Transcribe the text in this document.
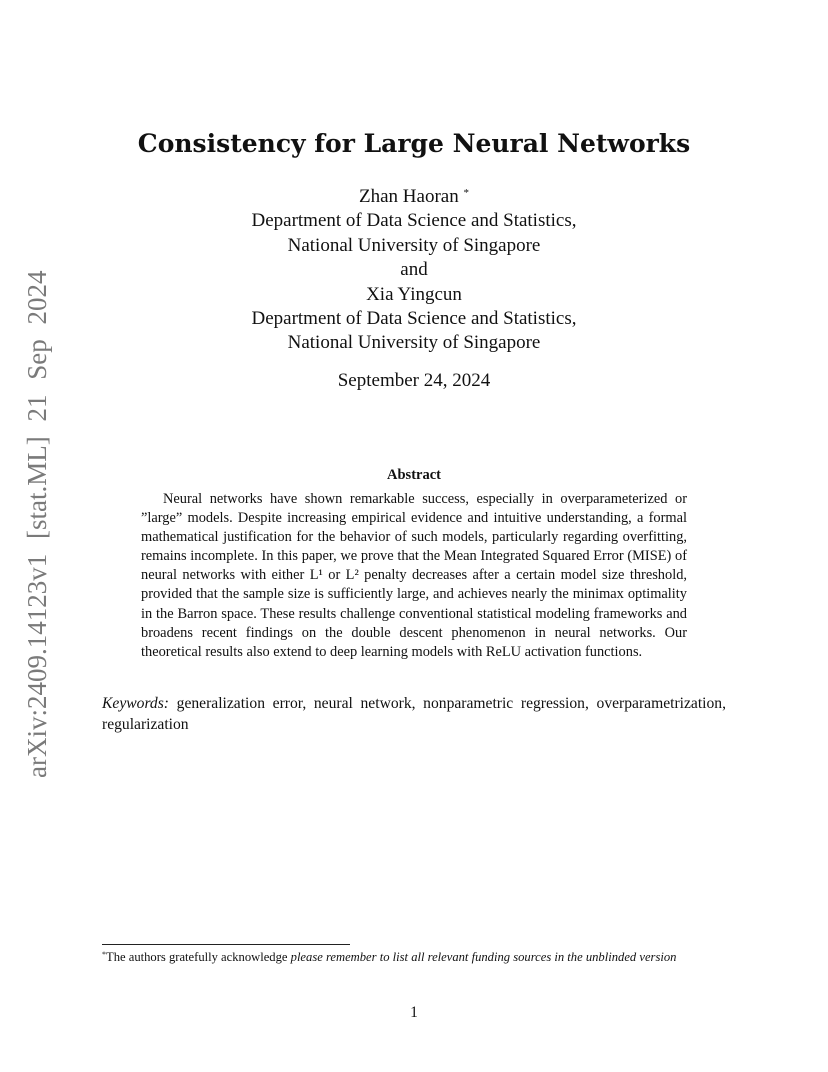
arXiv:2409.14123v1 [stat.ML] 21 Sep 2024
Consistency for Large Neural Networks
Zhan Haoran *
Department of Data Science and Statistics,
National University of Singapore
and
Xia Yingcun
Department of Data Science and Statistics,
National University of Singapore
September 24, 2024
Abstract

Neural networks have shown remarkable success, especially in overparameterized or ”large” models. Despite increasing empirical evidence and intuitive understanding, a formal mathematical justification for the behavior of such models, particularly regarding overfitting, remains incomplete. In this paper, we prove that the Mean Integrated Squared Error (MISE) of neural networks with either L¹ or L² penalty decreases after a certain model size threshold, provided that the sample size is sufficiently large, and achieves nearly the minimax optimality in the Barron space. These results challenge conventional statistical modeling frameworks and broadens recent findings on the double descent phenomenon in neural networks. Our theoretical results also extend to deep learning models with ReLU activation functions.

Keywords: generalization error, neural network, nonparametric regression, overparametrization, regularization

*The authors gratefully acknowledge please remember to list all relevant funding sources in the unblinded version

1
